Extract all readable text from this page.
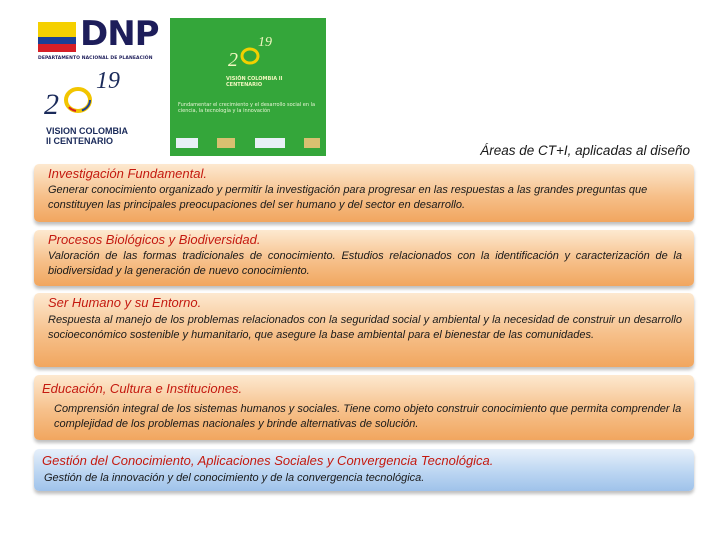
DNP
DEPARTAMENTO NACIONAL DE PLANEACIÓN
2
19
VISION COLOMBIA
II CENTENARIO
2
19
VISIÓN COLOMBIA II CENTENARIO
Fundamentar el crecimiento y el desarrollo social en la ciencia, la tecnología y la innovación
Áreas de CT+I, aplicadas al diseño
Investigación Fundamental.
Generar conocimiento organizado y permitir la investigación para progresar en las respuestas a las grandes preguntas que constituyen las principales preocupaciones del ser humano y del sector en desarrollo.
Procesos Biológicos y Biodiversidad.
Valoración de las formas tradicionales de conocimiento. Estudios relacionados con la identificación y caracterización de la biodiversidad y la generación de nuevo conocimiento.
Ser Humano y su Entorno.
Respuesta al manejo de los problemas relacionados con la seguridad social y ambiental y la necesidad de construir un desarrollo socioeconómico sostenible y humanitario, que asegure la base ambiental para el bienestar de las comunidades.
Educación, Cultura e Instituciones.
Comprensión integral de los sistemas humanos y sociales. Tiene como objeto construir conocimiento que permita comprender la complejidad de los problemas nacionales y brinde alternativas de solución.
Gestión del Conocimiento, Aplicaciones Sociales y Convergencia Tecnológica.
Gestión de la innovación y del conocimiento y de la convergencia tecnológica.
